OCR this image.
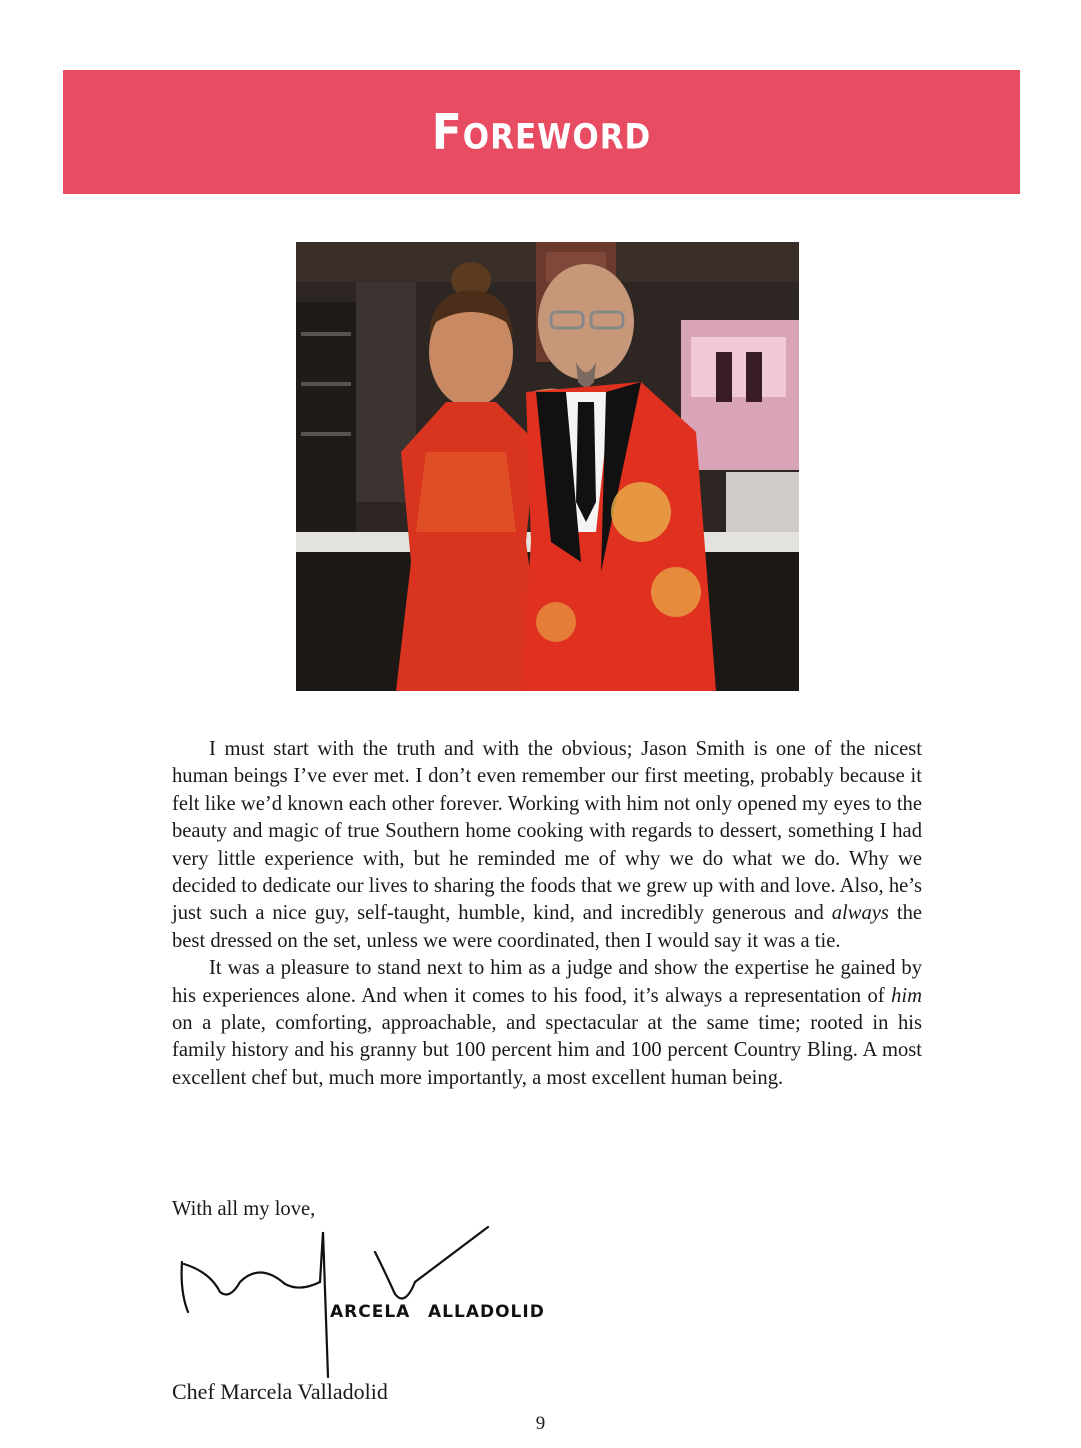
Foreword

I must start with the truth and with the obvious; Jason Smith is one of the nicest human beings I’ve ever met. I don’t even remember our first meeting, probably because it felt like we’d known each other forever. Working with him not only opened my eyes to the beauty and magic of true Southern home cooking with regards to dessert, something I had very little experience with, but he reminded me of why we do what we do. Why we decided to dedicate our lives to sharing the foods that we grew up with and love. Also, he’s just such a nice guy, self-taught, humble, kind, and incredibly generous and always the best dressed on the set, unless we were coordinated, then I would say it was a tie.

It was a pleasure to stand next to him as a judge and show the expertise he gained by his experiences alone. And when it comes to his food, it’s always a representation of him on a plate, comforting, approachable, and spectacular at the same time; rooted in his family history and his granny but 100 percent him and 100 percent Country Bling. A most excellent chef but, much more importantly, a most excellent human being.

With all my love,
ARCELA ALLADOLID
Chef Marcela Valladolid
9
